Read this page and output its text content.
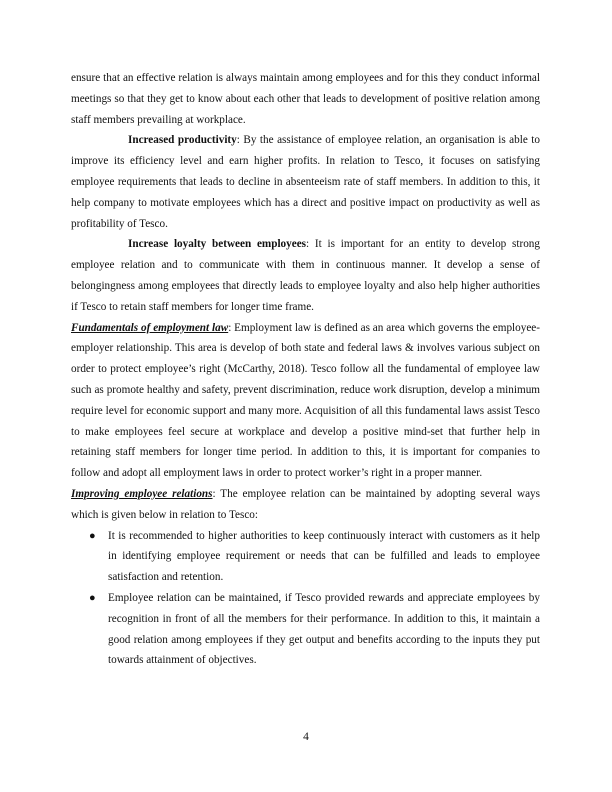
ensure that an effective relation is always maintain among employees and for this they conduct informal meetings so that they get to know about each other that leads to development of positive relation among staff members prevailing at workplace.

Increased productivity: By the assistance of employee relation, an organisation is able to improve its efficiency level and earn higher profits. In relation to Tesco, it focuses on satisfying employee requirements that leads to decline in absenteeism rate of staff members. In addition to this, it help company to motivate employees which has a direct and positive impact on productivity as well as profitability of Tesco.

Increase loyalty between employees: It is important for an entity to develop strong employee relation and to communicate with them in continuous manner. It develop a sense of belongingness among employees that directly leads to employee loyalty and also help higher authorities if Tesco to retain staff members for longer time frame.

Fundamentals of employment law: Employment law is defined as an area which governs the employee-employer relationship. This area is develop of both state and federal laws & involves various subject on order to protect employee’s right (McCarthy, 2018). Tesco follow all the fundamental of employee law such as promote healthy and safety, prevent discrimination, reduce work disruption, develop a minimum require level for economic support and many more. Acquisition of all this fundamental laws assist Tesco to make employees feel secure at workplace and develop a positive mind-set that further help in retaining staff members for longer time period. In addition to this, it is important for companies to follow and adopt all employment laws in order to protect worker’s right in a proper manner.

Improving employee relations: The employee relation can be maintained by adopting several ways which is given below in relation to Tesco:

● It is recommended to higher authorities to keep continuously interact with customers as it help in identifying employee requirement or needs that can be fulfilled and leads to employee satisfaction and retention.
● Employee relation can be maintained, if Tesco provided rewards and appreciate employees by recognition in front of all the members for their performance. In addition to this, it maintain a good relation among employees if they get output and benefits according to the inputs they put towards attainment of objectives.
4
